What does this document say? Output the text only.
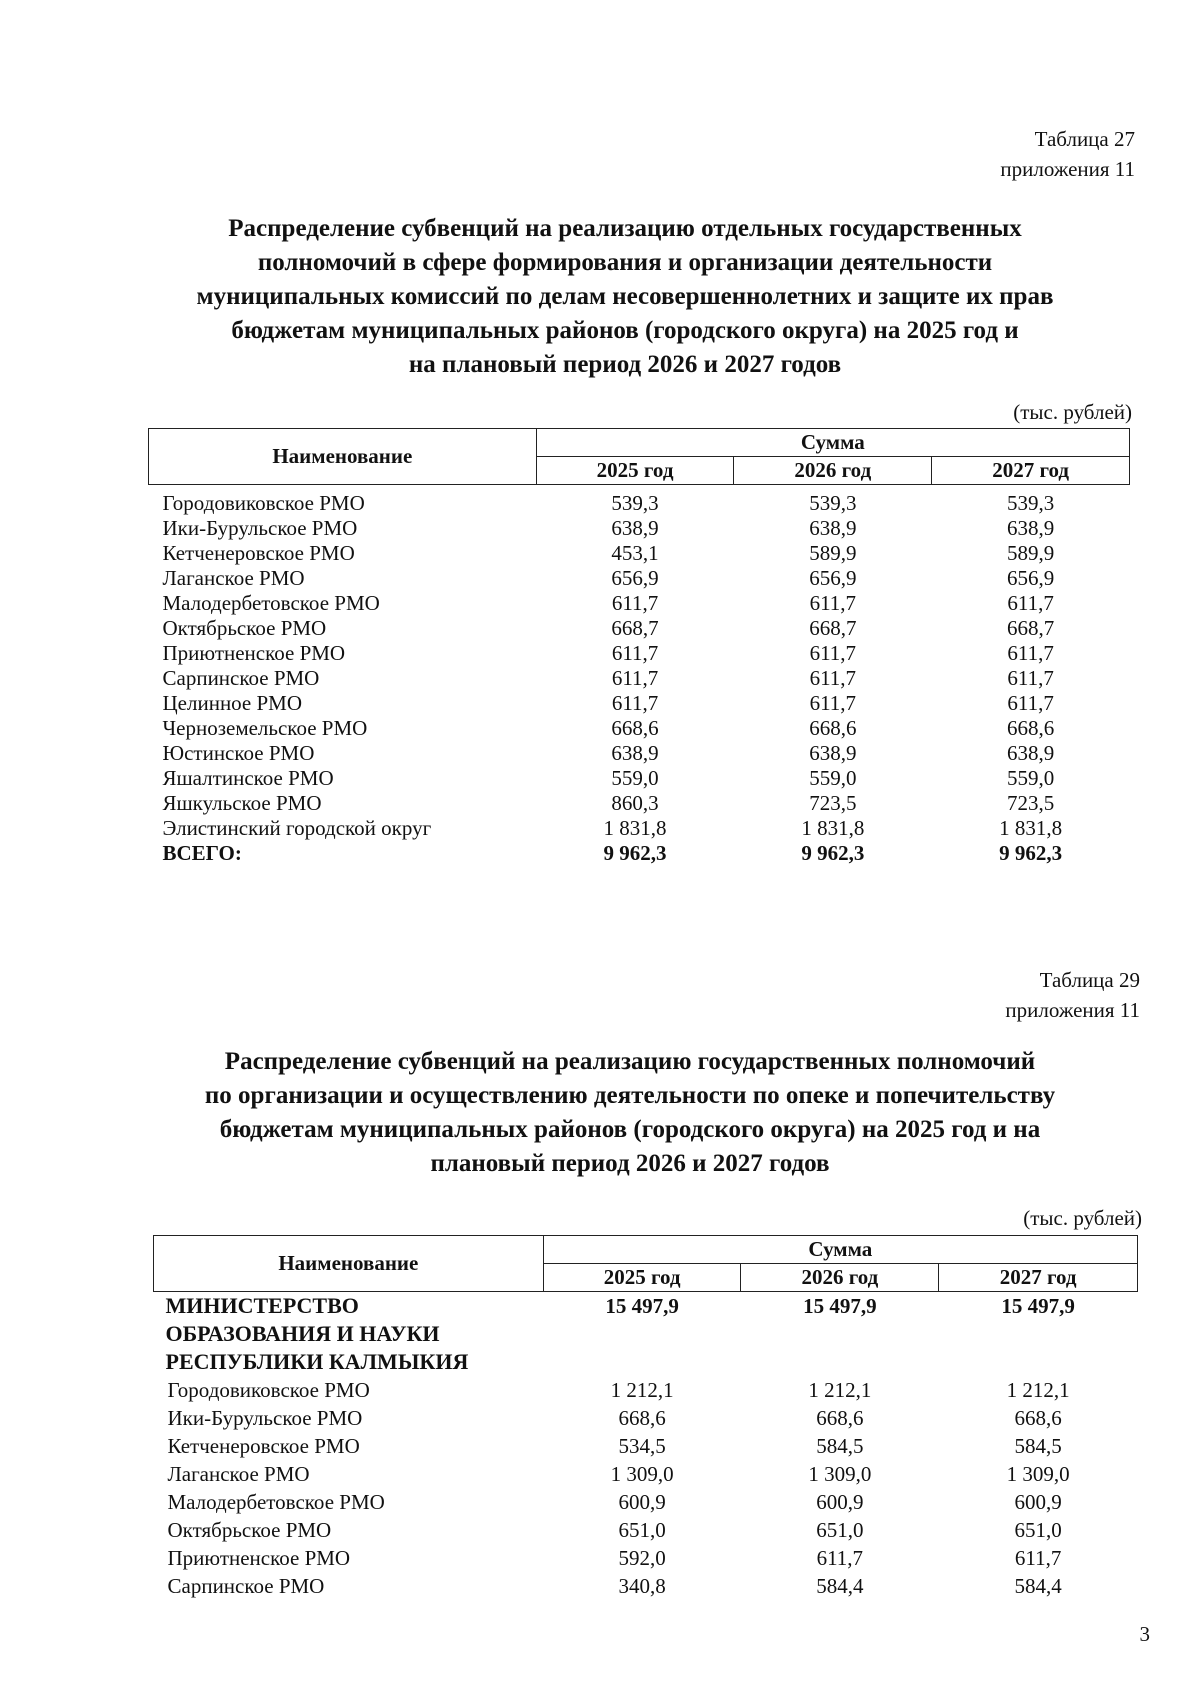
Таблица 27
приложения 11
Распределение субвенций на реализацию отдельных государственных
полномочий в сфере формирования и организации деятельности
муниципальных комиссий по делам несовершеннолетних и защите их прав
бюджетам муниципальных районов (городского округа) на 2025 год и
на плановый период 2026 и 2027 годов
(тыс. рублей)
Наименование	Сумма		
	2025 год	2026 год	2027 год

Городовиковское РМО	539,3	539,3	539,3
Ики-Бурульское РМО	638,9	638,9	638,9
Кетченеровское РМО	453,1	589,9	589,9
Лаганское РМО	656,9	656,9	656,9
Малодербетовское РМО	611,7	611,7	611,7
Октябрьское РМО	668,7	668,7	668,7
Приютненское РМО	611,7	611,7	611,7
Сарпинское РМО	611,7	611,7	611,7
Целинное РМО	611,7	611,7	611,7
Черноземельское РМО	668,6	668,6	668,6
Юстинское РМО	638,9	638,9	638,9
Яшалтинское РМО	559,0	559,0	559,0
Яшкульское РМО	860,3	723,5	723,5
Элистинский городской округ	1 831,8	1 831,8	1 831,8
ВСЕГО:	9 962,3	9 962,3	9 962,3
Таблица 29
приложения 11
Распределение субвенций на реализацию государственных полномочий
по организации и осуществлению деятельности по опеке и попечительству
бюджетам муниципальных районов (городского округа) на 2025 год и на
плановый период 2026 и 2027 годов
(тыс. рублей)
Наименование	Сумма		
	2025 год	2026 год	2027 год

МИНИСТЕРСТВО
ОБРАЗОВАНИЯ И НАУКИ
РЕСПУБЛИКИ КАЛМЫКИЯ	15 497,9	15 497,9	15 497,9
Городовиковское РМО	1 212,1	1 212,1	1 212,1
Ики-Бурульское РМО	668,6	668,6	668,6
Кетченеровское РМО	534,5	584,5	584,5
Лаганское РМО	1 309,0	1 309,0	1 309,0
Малодербетовское РМО	600,9	600,9	600,9
Октябрьское РМО	651,0	651,0	651,0
Приютненское РМО	592,0	611,7	611,7
Сарпинское РМО	340,8	584,4	584,4
3
